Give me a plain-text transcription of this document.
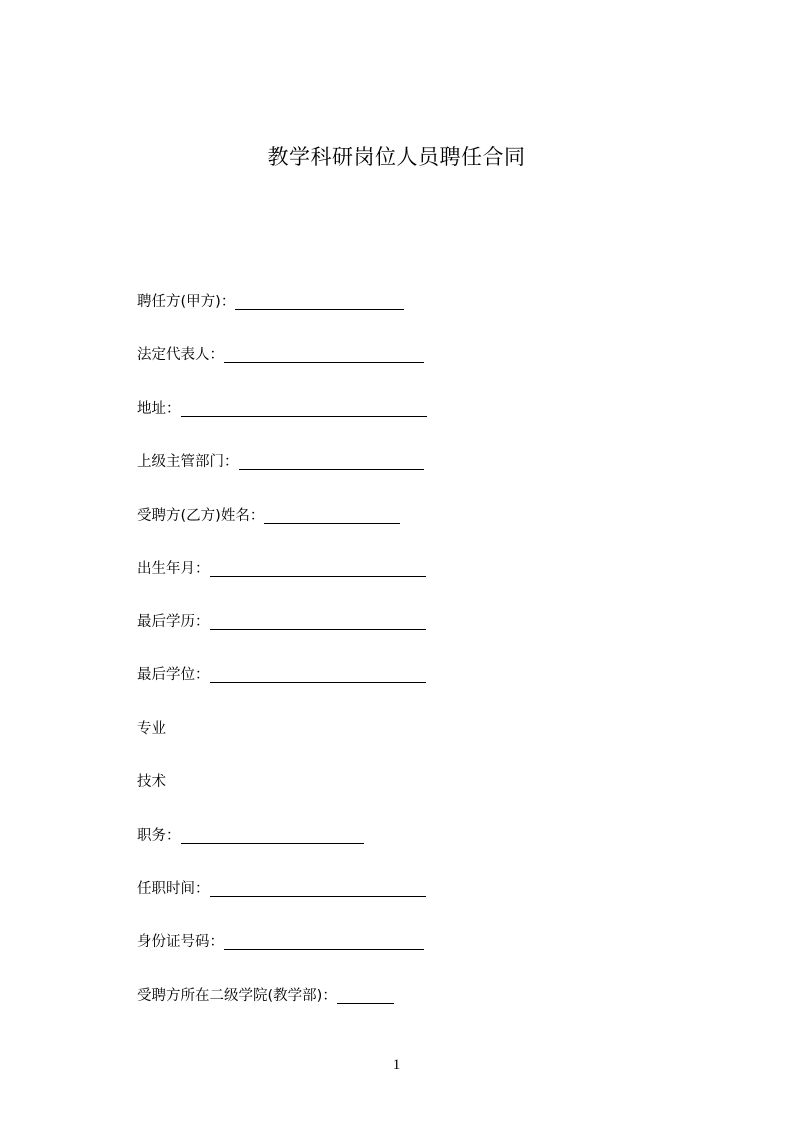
教学科研岗位人员聘任合同
聘任方(甲方)：
法定代表人：
地址：
上级主管部门：
受聘方(乙方)姓名：
出生年月：
最后学历：
最后学位：
专业
技术
职务：
任职时间：
身份证号码：
受聘方所在二级学院(教学部)：
1
